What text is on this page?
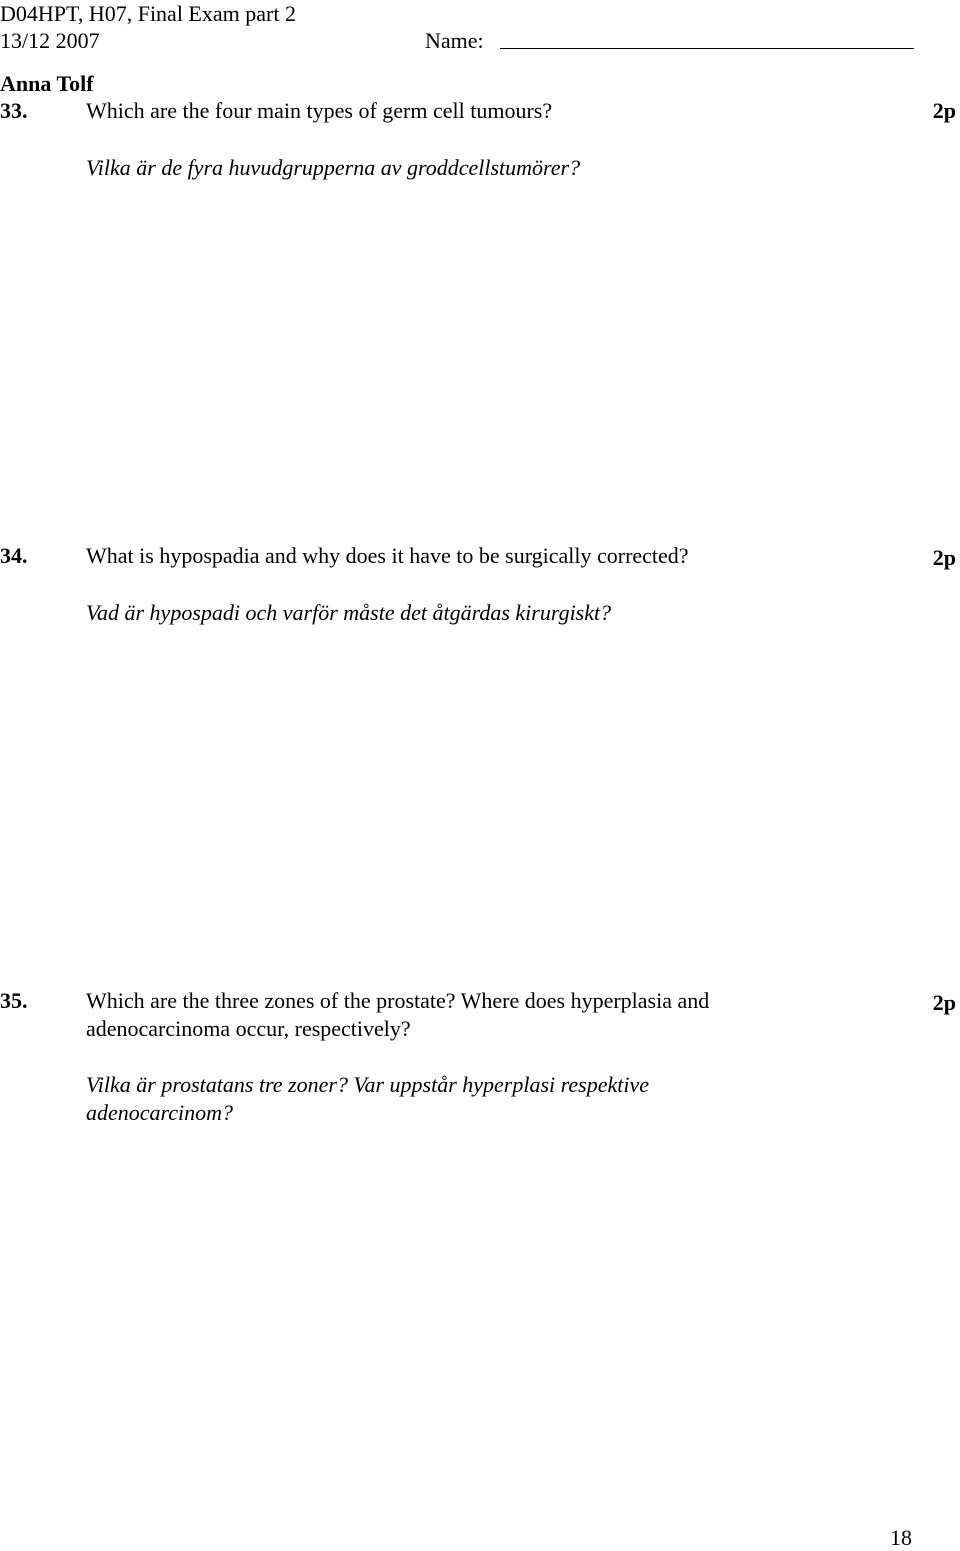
D04HPT, H07, Final Exam part 2
13/12 2007	Name:
Anna Tolf
33.	Which are the four main types of germ cell tumours?	2p
Vilka är de fyra huvudgrupperna av groddcellstumörer?
34.	What is hypospadia and why does it have to be surgically corrected?	2p
Vad är hypospadi och varför måste det åtgärdas kirurgiskt?
35.	Which are the three zones of the prostate? Where does hyperplasia and
adenocarcinoma occur, respectively?
2p
Vilka är prostatans tre zoner? Var uppstår hyperplasi respektive
adenocarcinom?
18
